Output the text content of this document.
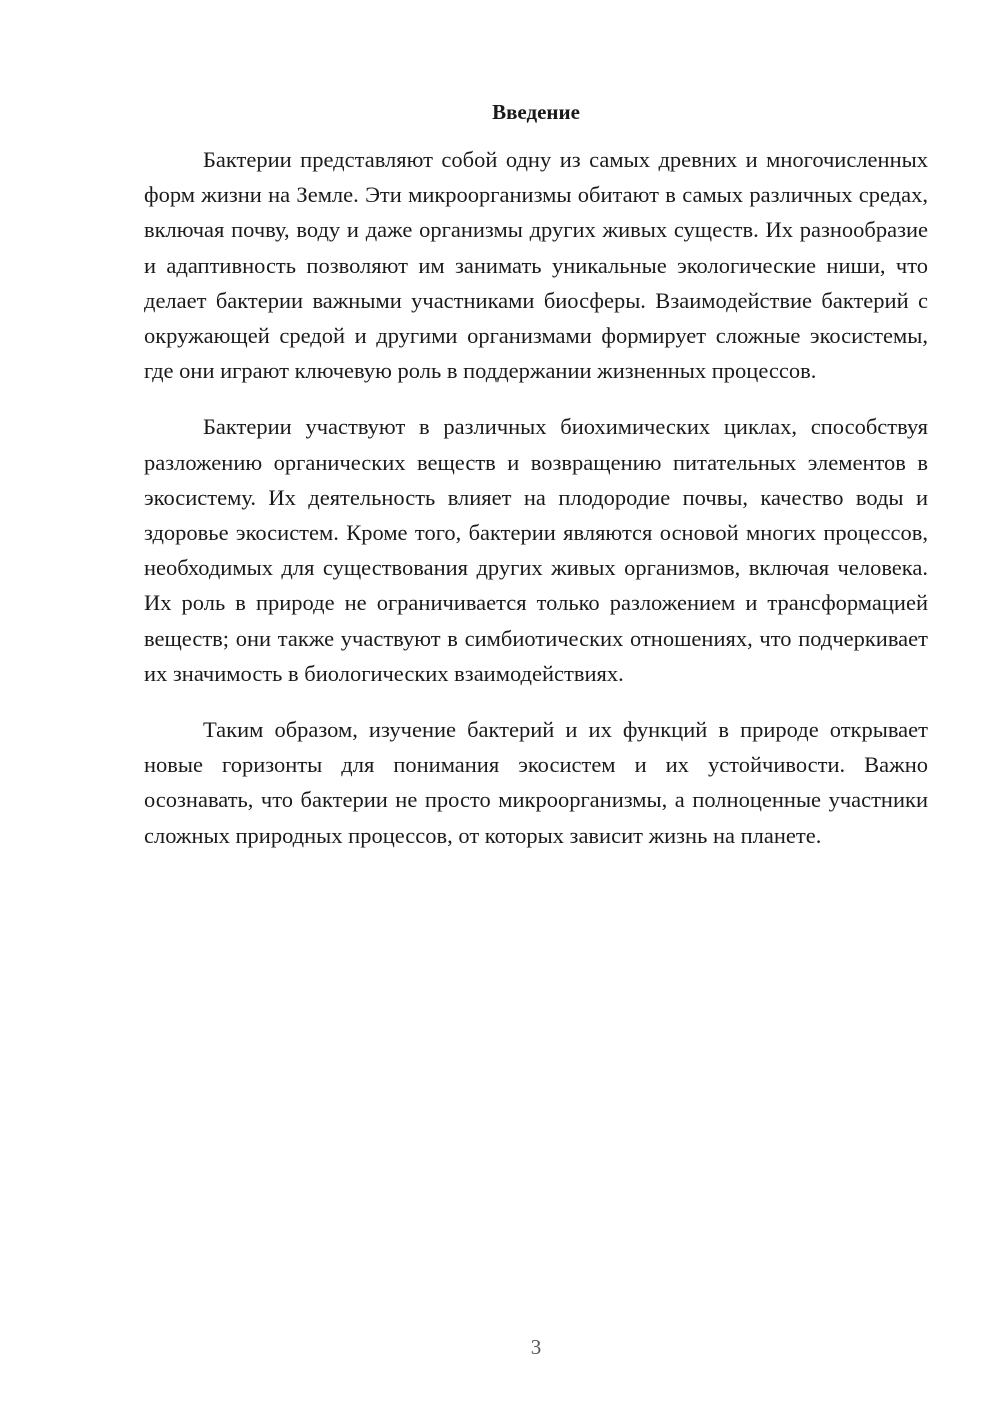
Введение

Бактерии представляют собой одну из самых древних и многочисленных форм жизни на Земле. Эти микроорганизмы обитают в самых различных средах, включая почву, воду и даже организмы других живых существ. Их разнообразие и адаптивность позволяют им занимать уникальные экологические ниши, что делает бактерии важными участниками биосферы. Взаимодействие бактерий с окружающей средой и другими организмами формирует сложные экосистемы, где они играют ключевую роль в поддержании жизненных процессов.

Бактерии участвуют в различных биохимических циклах, способствуя разложению органических веществ и возвращению питательных элементов в экосистему. Их деятельность влияет на плодородие почвы, качество воды и здоровье экосистем. Кроме того, бактерии являются основой многих процессов, необходимых для существования других живых организмов, включая человека. Их роль в природе не ограничивается только разложением и трансформацией веществ; они также участвуют в симбиотических отношениях, что подчеркивает их значимость в биологических взаимодействиях.

Таким образом, изучение бактерий и их функций в природе открывает новые горизонты для понимания экосистем и их устойчивости. Важно осознавать, что бактерии не просто микроорганизмы, а полноценные участники сложных природных процессов, от которых зависит жизнь на планете.

3
